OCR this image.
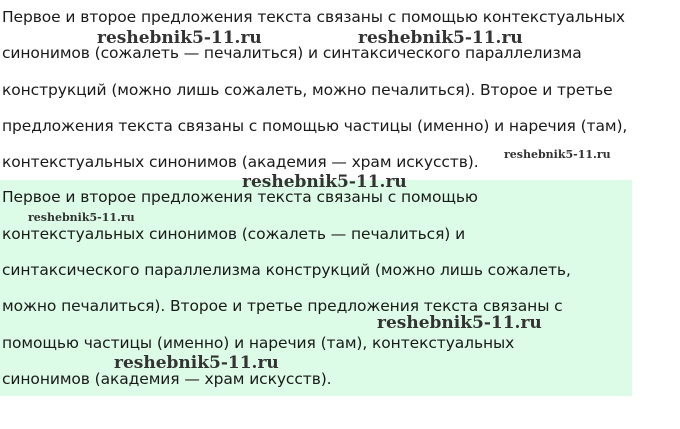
Первое и второе предложения текста связаны с помощью контекстуальных
синонимов (сожалеть — печалиться) и синтаксического параллелизма
конструкций (можно лишь сожалеть, можно печалиться). Второе и третье
предложения текста связаны с помощью частицы (именно) и наречия (там),
контекстуальных синонимов (академия — храм искусств).
Первое и второе предложения текста связаны с помощью
контекстуальных синонимов (сожалеть — печалиться) и
синтаксического параллелизма конструкций (можно лишь сожалеть,
можно печалиться). Второе и третье предложения текста связаны с
помощью частицы (именно) и наречия (там), контекстуальных
синонимов (академия — храм искусств).
reshebnik5-11.ru	reshebnik5-11.ru
reshebnik5-11.ru
reshebnik5-11.ru
reshebnik5-11.ru
reshebnik5-11.ru
reshebnik5-11.ru
